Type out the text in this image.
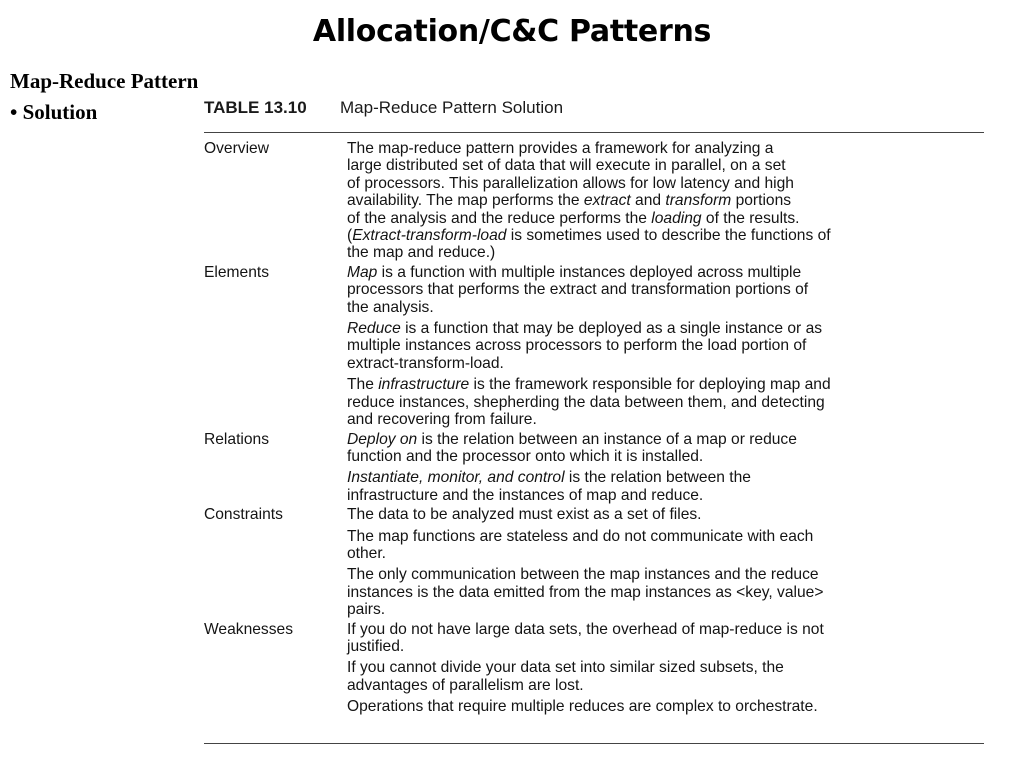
Allocation/C&C Patterns
Map-Reduce Pattern
• Solution	TABLE 13.10 Map-Reduce Pattern Solution
Overview	The map-reduce pattern provides a framework for analyzing a
large distributed set of data that will execute in parallel, on a set
of processors. This parallelization allows for low latency and high
availability. The map performs the extract and transform portions
of the analysis and the reduce performs the loading of the results.
(Extract-transform-load is sometimes used to describe the functions of
the map and reduce.)

Elements	Map is a function with multiple instances deployed across multiple
processors that performs the extract and transformation portions of
the analysis.

Reduce is a function that may be deployed as a single instance or as
multiple instances across processors to perform the load portion of
extract-transform-load.

The infrastructure is the framework responsible for deploying map and
reduce instances, shepherding the data between them, and detecting
and recovering from failure.

Relations	Deploy on is the relation between an instance of a map or reduce
function and the processor onto which it is installed.

Instantiate, monitor, and control is the relation between the
infrastructure and the instances of map and reduce.

Constraints	The data to be analyzed must exist as a set of files.

The map functions are stateless and do not communicate with each
other.

The only communication between the map instances and the reduce
instances is the data emitted from the map instances as <key, value>
pairs.

Weaknesses	If you do not have large data sets, the overhead of map-reduce is not
justified.

If you cannot divide your data set into similar sized subsets, the
advantages of parallelism are lost.

Operations that require multiple reduces are complex to orchestrate.
